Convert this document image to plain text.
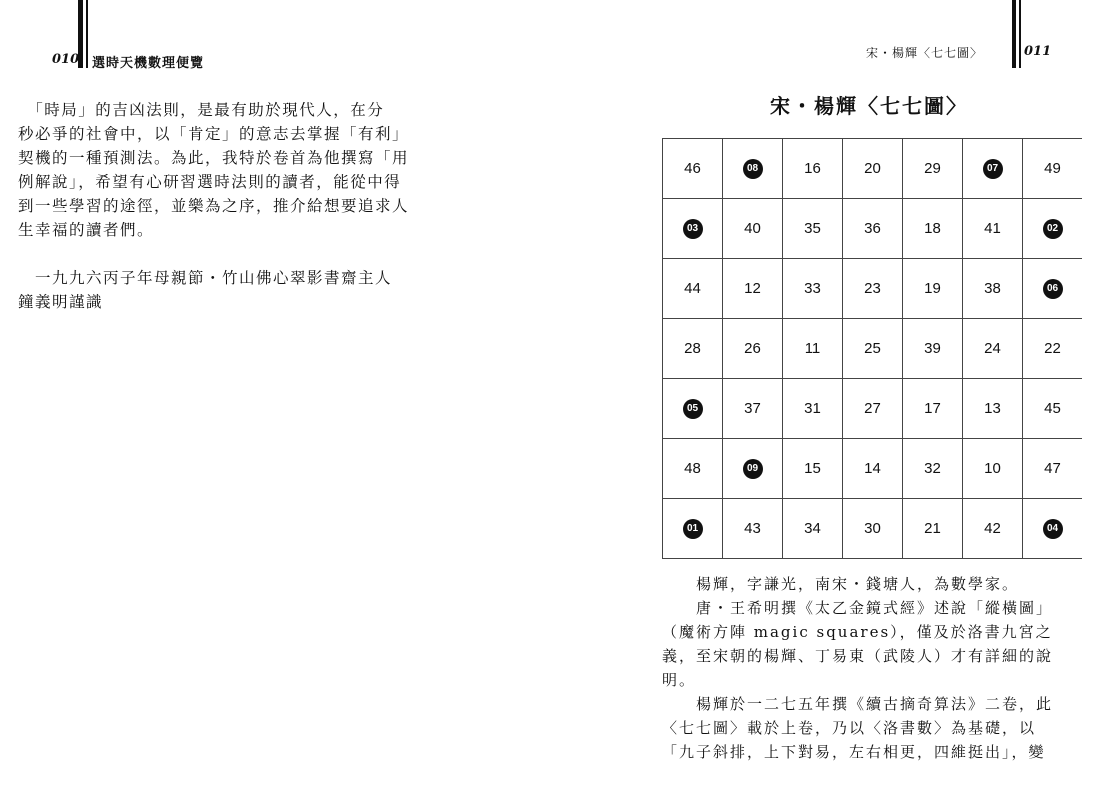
010 選時天機數理便覽

　「時局」的吉凶法則，是最有助於現代人，在分

秒必爭的社會中，以「肯定」的意志去掌握「有利」

契機的一種預測法。為此，我特於卷首為他撰寫「用

例解說」，希望有心研習選時法則的讀者，能從中得

到一些學習的途徑，並樂為之序，推介給想要追求人

生幸福的讀者們。

　一九九六丙子年母親節・竹山佛心翠影書齋主人

鐘義明謹識

宋・楊輝〈七七圖〉	011
宋・楊輝〈七七圖〉
46	08	16	20	29	07	49
03	40	35	36	18	41	02
44	12	33	23	19	38	06
28	26	11	25	39	24	22
05	37	31	27	17	13	45
48	09	15	14	32	10	47
01	43	34	30	21	42	04

楊輝，字謙光，南宋・錢塘人，為數學家。

唐・王希明撰《太乙金鏡式經》述說「縱橫圖」

（魔術方陣 magic squares），僅及於洛書九宮之

義，至宋朝的楊輝、丁易東（武陵人）才有詳細的說

明。

楊輝於一二七五年撰《續古摘奇算法》二卷，此

〈七七圖〉載於上卷，乃以〈洛書數〉為基礎，以

「九子斜排，上下對易，左右相更，四維挺出」，變
